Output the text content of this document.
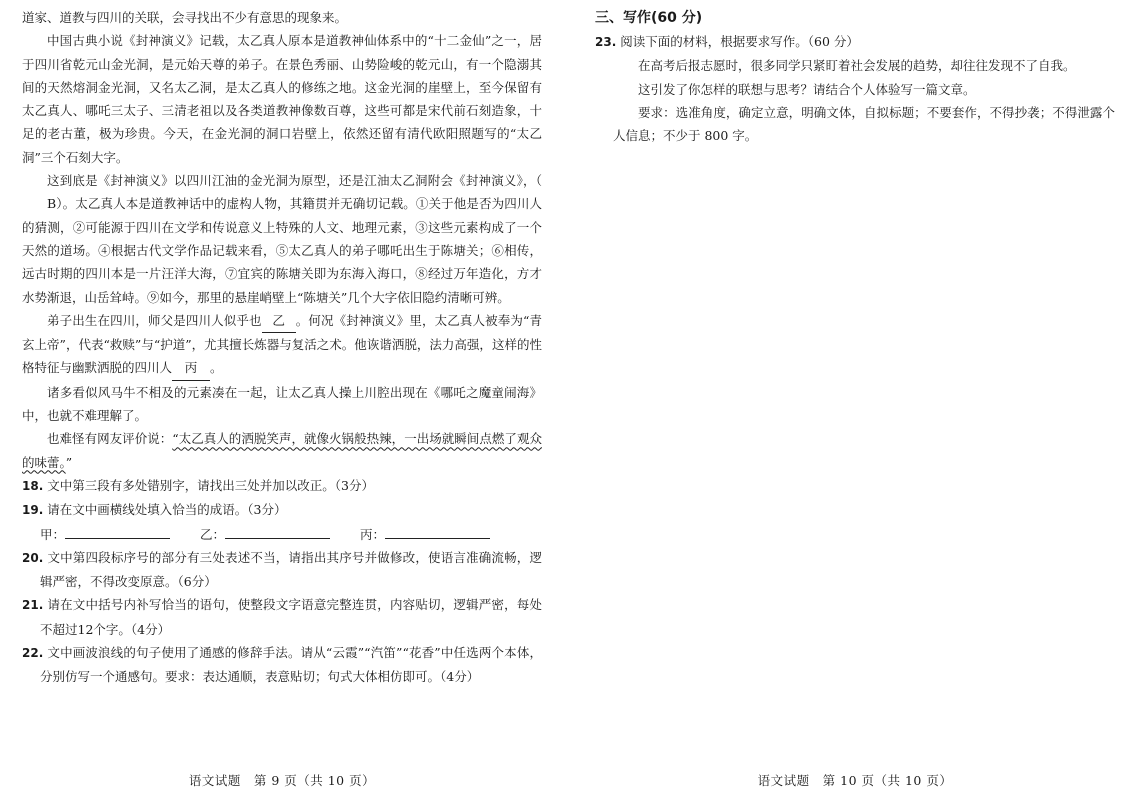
道家、道教与四川的关联，会寻找出不少有意思的现象来。

中国古典小说《封神演义》记载，太乙真人原本是道教神仙体系中的“十二金仙”之一，居于四川省乾元山金光洞，是元始天尊的弟子。在景色秀丽、山势险峻的乾元山，有一个隐溺其间的天然熔洞金光洞，又名太乙洞，是太乙真人的修练之地。这金光洞的崖壁上，至今保留有太乙真人、哪吒三太子、三清老祖以及各类道教神像数百尊，这些可都是宋代前石刻造象，十足的老古董，极为珍贵。今天，在金光洞的洞口岩壁上，依然还留有清代欧阳照题写的“太乙洞”三个石刻大字。

这到底是《封神演义》以四川江油的金光洞为原型，还是江油太乙洞附会《封神演义》，（B）。太乙真人本是道教神话中的虚构人物，其籍贯并无确切记载。①关于他是否为四川人的猜测，②可能源于四川在文学和传说意义上特殊的人文、地理元素，③这些元素构成了一个天然的道场。④根据古代文学作品记载来看，⑤太乙真人的弟子哪吒出生于陈塘关；⑥相传，远古时期的四川本是一片汪洋大海，⑦宜宾的陈塘关即为东海入海口，⑧经过万年造化，方才水势渐退，山岳耸峙。⑨如今，那里的悬崖峭壁上“陈塘关”几个大字依旧隐约清晰可辨。

弟子出生在四川，师父是四川人似乎也 乙 。何况《封神演义》里，太乙真人被奉为“青玄上帝”，代表“救赎”与“护道”，尤其擅长炼器与复活之术。他诙谐洒脱，法力高强，这样的性格特征与幽默洒脱的四川人 丙 。

诸多看似风马牛不相及的元素凑在一起，让太乙真人操上川腔出现在《哪吒之魔童闹海》中，也就不难理解了。

也难怪有网友评价说：“太乙真人的洒脱笑声，就像火锅般热辣，一出场就瞬间点燃了观众的味蕾。”

18. 文中第三段有多处错别字，请找出三处并加以改正。（3分）

19. 请在文中画横线处填入恰当的成语。（3分）

甲：	乙：	丙：

20. 文中第四段标序号的部分有三处表述不当，请指出其序号并做修改，使语言准确流畅，逻辑严密，不得改变原意。（6分）

21. 请在文中括号内补写恰当的语句，使整段文字语意完整连贯，内容贴切，逻辑严密，每处不超过12个字。（4分）

22. 文中画波浪线的句子使用了通感的修辞手法。请从“云霞”“汽笛”“花香”中任选两个本体，分别仿写一个通感句。要求：表达通顺，表意贴切；句式大体相仿即可。（4分）

语文试题　第 9 页（共 10 页）

三、写作(60 分)

23. 阅读下面的材料，根据要求写作。（60 分）

在高考后报志愿时，很多同学只紧盯着社会发展的趋势，却往往发现不了自我。

这引发了你怎样的联想与思考？请结合个人体验写一篇文章。

要求：选准角度，确定立意，明确文体，自拟标题；不要套作，不得抄袭；不得泄露个人信息；不少于 800 字。

语文试题　第 10 页（共 10 页）
